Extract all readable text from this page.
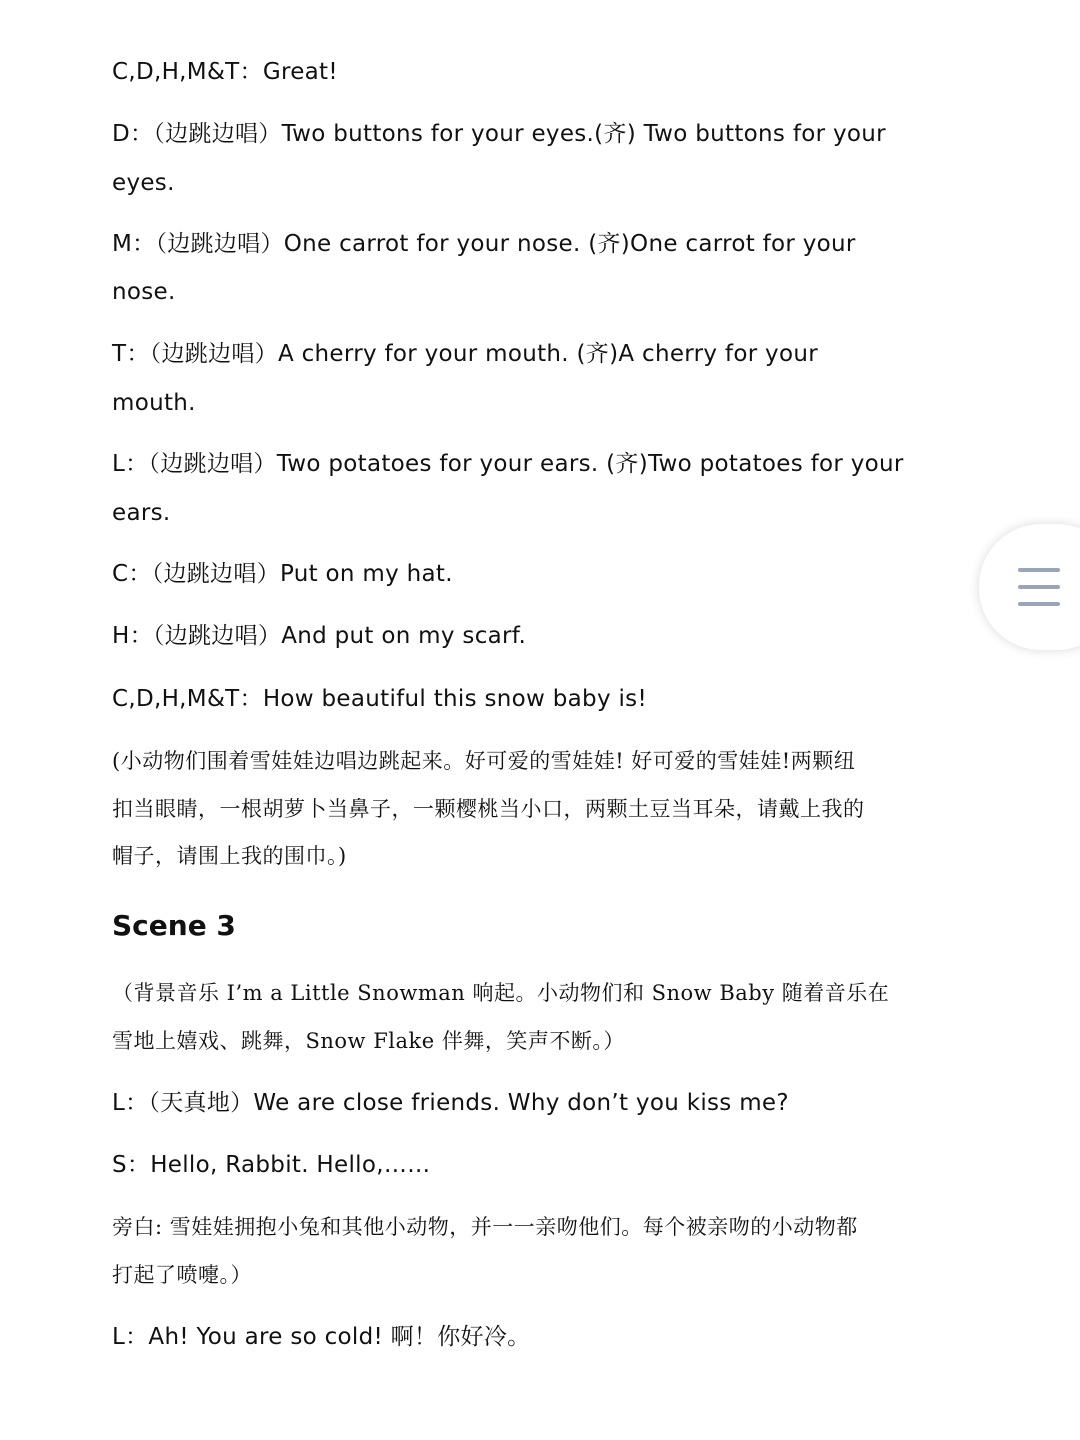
C,D,H,M&T：Great!
D：（边跳边唱）Two buttons for your eyes.(齐) Two buttons for your
eyes.
M：（边跳边唱）One carrot for your nose. (齐)One carrot for your
nose.
T：（边跳边唱）A cherry for your mouth. (齐)A cherry for your
mouth.
L：（边跳边唱）Two potatoes for your ears. (齐)Two potatoes for your
ears.
C：（边跳边唱）Put on my hat.
H：（边跳边唱）And put on my scarf.
C,D,H,M&T：How beautiful this snow baby is!
(小动物们围着雪娃娃边唱边跳起来。好可爱的雪娃娃! 好可爱的雪娃娃!两颗纽
扣当眼睛，一根胡萝卜当鼻子，一颗樱桃当小口，两颗土豆当耳朵，请戴上我的
帽子，请围上我的围巾。)
Scene 3
（背景音乐 I’m a Little Snowman 响起。小动物们和 Snow Baby 随着音乐在
雪地上嬉戏、跳舞，Snow Flake 伴舞，笑声不断。）
L：（天真地）We are close friends. Why don’t you kiss me?
S：Hello, Rabbit. Hello,……
旁白: 雪娃娃拥抱小兔和其他小动物，并一一亲吻他们。每个被亲吻的小动物都
打起了喷嚏。）
L：Ah! You are so cold! 啊！你好冷。
